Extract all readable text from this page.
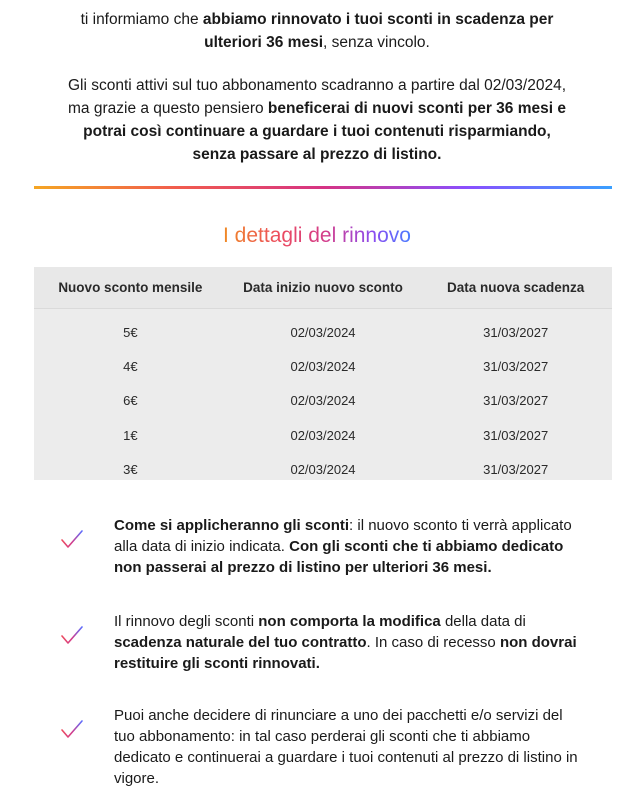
ti informiamo che abbiamo rinnovato i tuoi sconti in scadenza per ulteriori 36 mesi, senza vincolo.

Gli sconti attivi sul tuo abbonamento scadranno a partire dal 02/03/2024, ma grazie a questo pensiero beneficerai di nuovi sconti per 36 mesi e potrai così continuare a guardare i tuoi contenuti risparmiando, senza passare al prezzo di listino.

I dettagli del rinnovo
Nuovo sconto mensile	Data inizio nuovo sconto	Data nuova scadenza
5€	02/03/2024	31/03/2027
4€	02/03/2024	31/03/2027
6€	02/03/2024	31/03/2027
1€	02/03/2024	31/03/2027
3€	02/03/2024	31/03/2027
Come si applicheranno gli sconti: il nuovo sconto ti verrà applicato alla data di inizio indicata. Con gli sconti che ti abbiamo dedicato non passerai al prezzo di listino per ulteriori 36 mesi.
Il rinnovo degli sconti non comporta la modifica della data di scadenza naturale del tuo contratto. In caso di recesso non dovrai restituire gli sconti rinnovati.
Puoi anche decidere di rinunciare a uno dei pacchetti e/o servizi del tuo abbonamento: in tal caso perderai gli sconti che ti abbiamo dedicato e continuerai a guardare i tuoi contenuti al prezzo di listino in vigore.
